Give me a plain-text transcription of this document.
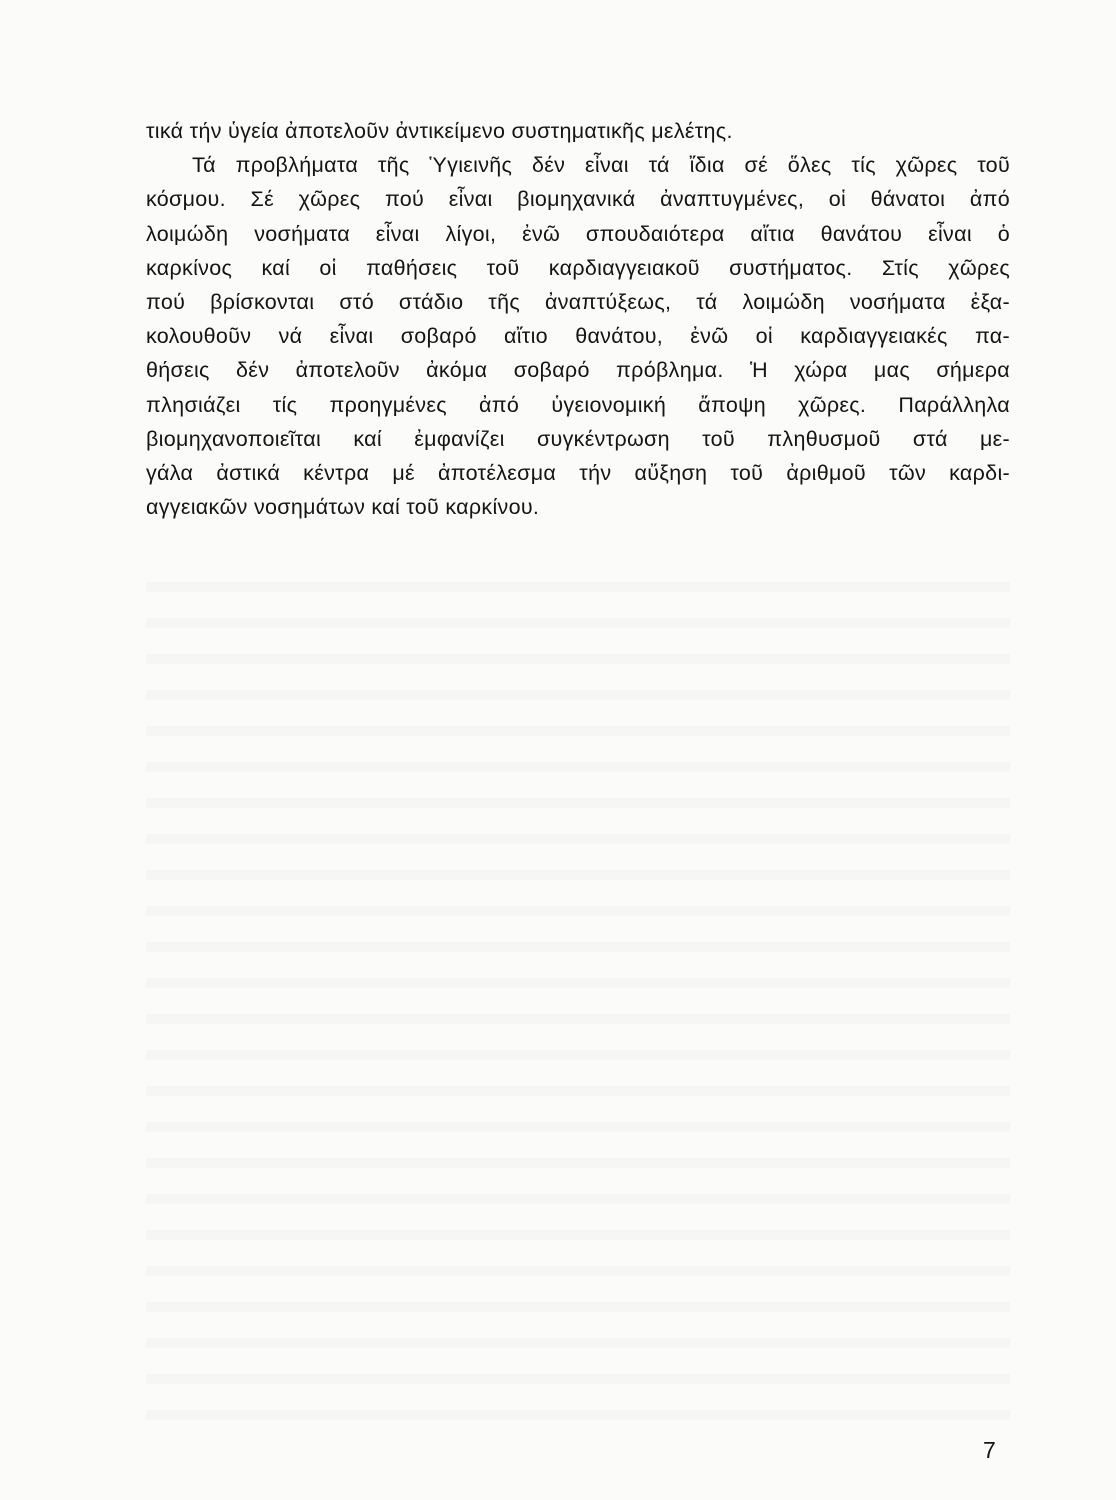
τικά τήν ὑγεία ἀποτελοῦν ἀντικείμενο συστηματικῆς μελέτης.
Τά προβλήματα τῆς Ὑγιεινῆς δέν εἶναι τά ἴδια σέ ὅλες τίς χῶρες τοῦ
κόσμου. Σέ χῶρες πού εἶναι βιομηχανικά ἀναπτυγμένες, οἱ θάνατοι ἀπό
λοιμώδη νοσήματα εἶναι λίγοι, ἐνῶ σπουδαιότερα αἴτια θανάτου εἶναι ὁ
καρκίνος καί οἱ παθήσεις τοῦ καρδιαγγειακοῦ συστήματος. Στίς χῶρες
πού βρίσκονται στό στάδιο τῆς ἀναπτύξεως, τά λοιμώδη νοσήματα ἐξα-
κολουθοῦν νά εἶναι σοβαρό αἴτιο θανάτου, ἐνῶ οἱ καρδιαγγειακές πα-
θήσεις δέν ἀποτελοῦν ἀκόμα σοβαρό πρόβλημα. Ἡ χώρα μας σήμερα
πλησιάζει τίς προηγμένες ἀπό ὑγειονομική ἄποψη χῶρες. Παράλληλα
βιομηχανοποιεῖται καί ἐμφανίζει συγκέντρωση τοῦ πληθυσμοῦ στά με-
γάλα ἀστικά κέντρα μέ ἀποτέλεσμα τήν αὔξηση τοῦ ἀριθμοῦ τῶν καρδι-
αγγειακῶν νοσημάτων καί τοῦ καρκίνου.
7
